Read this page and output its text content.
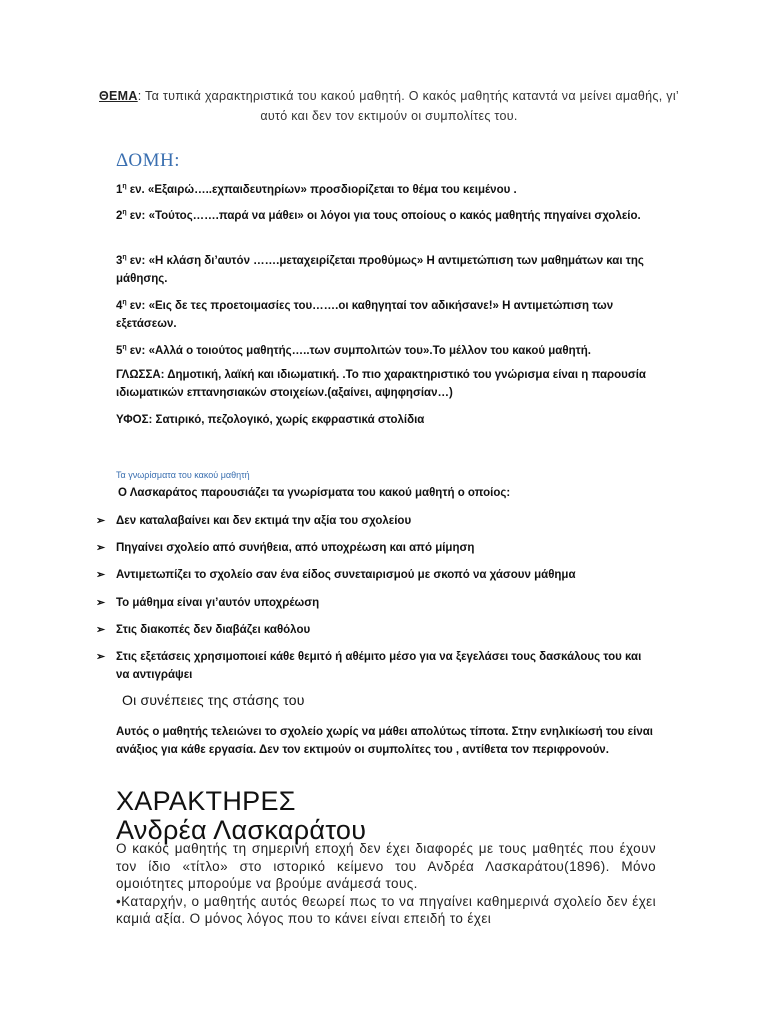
ΘΕΜΑ: Τα τυπικά χαρακτηριστικά του κακού μαθητή. Ο κακός μαθητής καταντά να μείνει αμαθής, γι’ αυτό και δεν τον εκτιμούν οι συμπολίτες του.
ΔΟΜΗ:

$1^\eta$ εν. «Εξαιρώ…..εχπαιδευτηρίων» προσδιορίζεται το θέμα του κειμένου .

$2^\eta$ εν: «Τούτος…….παρά να μάθει» οι λόγοι για τους οποίους ο κακός μαθητής πηγαίνει σχολείο.

$3^\eta$ εν: «Η κλάση δι’αυτόν …….μεταχειρίζεται προθύμως» Η αντιμετώπιση των μαθημάτων και της μάθησης.

$4^\eta$ εν: «Εις δε τες προετοιμασίες του…….οι καθηγηταί τον αδικήσανε!» Η αντιμετώπιση των εξετάσεων.

$5^\eta$ εν: «Αλλά ο τοιούτος μαθητής…..των συμπολιτών του».Το μέλλον του κακού μαθητή.

ΓΛΩΣΣΑ: Δημοτική, λαϊκή και ιδιωματική. .Το πιο χαρακτηριστικό του γνώρισμα είναι η παρουσία ιδιωματικών επτανησιακών στοιχείων.(αξαίνει, αψηφησίαν…)

ΥΦΟΣ: Σατιρικό, πεζολογικό, χωρίς εκφραστικά στολίδια

Τα γνωρίσματα του κακού μαθητή

Ο Λασκαράτος παρουσιάζει τα γνωρίσματα του κακού μαθητή ο οποίος:

➢ Δεν καταλαβαίνει και δεν εκτιμά την αξία του σχολείου
➢ Πηγαίνει σχολείο από συνήθεια, από υποχρέωση και από μίμηση
➢ Αντιμετωπίζει το σχολείο σαν ένα είδος συνεταιρισμού με σκοπό να χάσουν μάθημα
➢ Το μάθημα είναι γι’αυτόν υποχρέωση
➢ Στις διακοπές δεν διαβάζει καθόλου
➢ Στις εξετάσεις χρησιμοποιεί κάθε θεμιτό ή αθέμιτο μέσο για να ξεγελάσει τους δασκάλους του και να αντιγράψει
Οι συνέπειες της στάσης του

Αυτός ο μαθητής τελειώνει το σχολείο χωρίς να μάθει απολύτως τίποτα. Στην ενηλικίωσή του είναι ανάξιος για κάθε εργασία. Δεν τον εκτιμούν οι συμπολίτες του , αντίθετα τον περιφρονούν.

ΧΑΡΑΚΤΗΡΕΣ
Ανδρέα Λασκαράτου

Ο κακός μαθητής τη σημερινή εποχή δεν έχει διαφορές με τους μαθητές που έχουν τον ίδιο «τίτλο» στο ιστορικό κείμενο του Ανδρέα Λασκαράτου(1896). Μόνο ομοιότητες μπορούμε να βρούμε ανάμεσά τους.

•Καταρχήν, ο μαθητής αυτός θεωρεί πως το να πηγαίνει καθημερινά σχολείο δεν έχει καμιά αξία. Ο μόνος λόγος που το κάνει είναι επειδή το έχει
